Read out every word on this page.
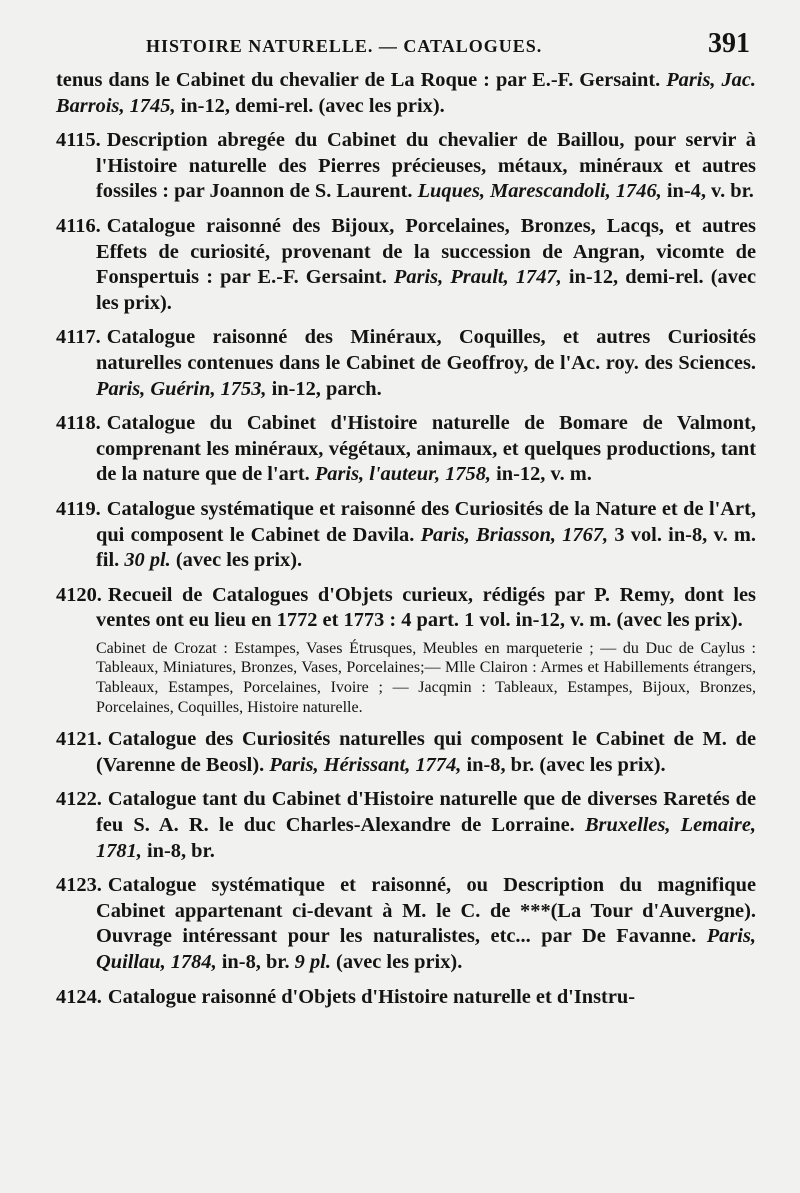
HISTOIRE NATURELLE. — CATALOGUES.	391

tenus dans le Cabinet du chevalier de La Roque : par E.-F. Gersaint. Paris, Jac. Barrois, 1745, in-12, demi-rel. (avec les prix).

4115. Description abregée du Cabinet du chevalier de Baillou, pour servir à l'Histoire naturelle des Pierres précieuses, métaux, minéraux et autres fossiles : par Joannon de S. Laurent. Luques, Marescandoli, 1746, in-4, v. br.

4116. Catalogue raisonné des Bijoux, Porcelaines, Bronzes, Lacqs, et autres Effets de curiosité, provenant de la succession de Angran, vicomte de Fonspertuis : par E.-F. Gersaint. Paris, Prault, 1747, in-12, demi-rel. (avec les prix).

4117. Catalogue raisonné des Minéraux, Coquilles, et autres Curiosités naturelles contenues dans le Cabinet de Geoffroy, de l'Ac. roy. des Sciences. Paris, Guérin, 1753, in-12, parch.

4118. Catalogue du Cabinet d'Histoire naturelle de Bomare de Valmont, comprenant les minéraux, végétaux, animaux, et quelques productions, tant de la nature que de l'art. Paris, l'auteur, 1758, in-12, v. m.

4119. Catalogue systématique et raisonné des Curiosités de la Nature et de l'Art, qui composent le Cabinet de Davila. Paris, Briasson, 1767, 3 vol. in-8, v. m. fil. 30 pl. (avec les prix).

4120. Recueil de Catalogues d'Objets curieux, rédigés par P. Remy, dont les ventes ont eu lieu en 1772 et 1773 : 4 part. 1 vol. in-12, v. m. (avec les prix).

Cabinet de Crozat : Estampes, Vases Étrusques, Meubles en marqueterie ; — du Duc de Caylus : Tableaux, Miniatures, Bronzes, Vases, Porcelaines;— Mlle Clairon : Armes et Habillements étrangers, Tableaux, Estampes, Porcelaines, Ivoire ; — Jacqmin : Tableaux, Estampes, Bijoux, Bronzes, Porcelaines, Coquilles, Histoire naturelle.

4121. Catalogue des Curiosités naturelles qui composent le Cabinet de M. de (Varenne de Beosl). Paris, Hérissant, 1774, in-8, br. (avec les prix).

4122. Catalogue tant du Cabinet d'Histoire naturelle que de diverses Raretés de feu S. A. R. le duc Charles-Alexandre de Lorraine. Bruxelles, Lemaire, 1781, in-8, br.

4123. Catalogue systématique et raisonné, ou Description du magnifique Cabinet appartenant ci-devant à M. le C. de ***(La Tour d'Auvergne). Ouvrage intéressant pour les naturalistes, etc... par De Favanne. Paris, Quillau, 1784, in-8, br. 9 pl. (avec les prix).

4124. Catalogue raisonné d'Objets d'Histoire naturelle et d'Instru-
